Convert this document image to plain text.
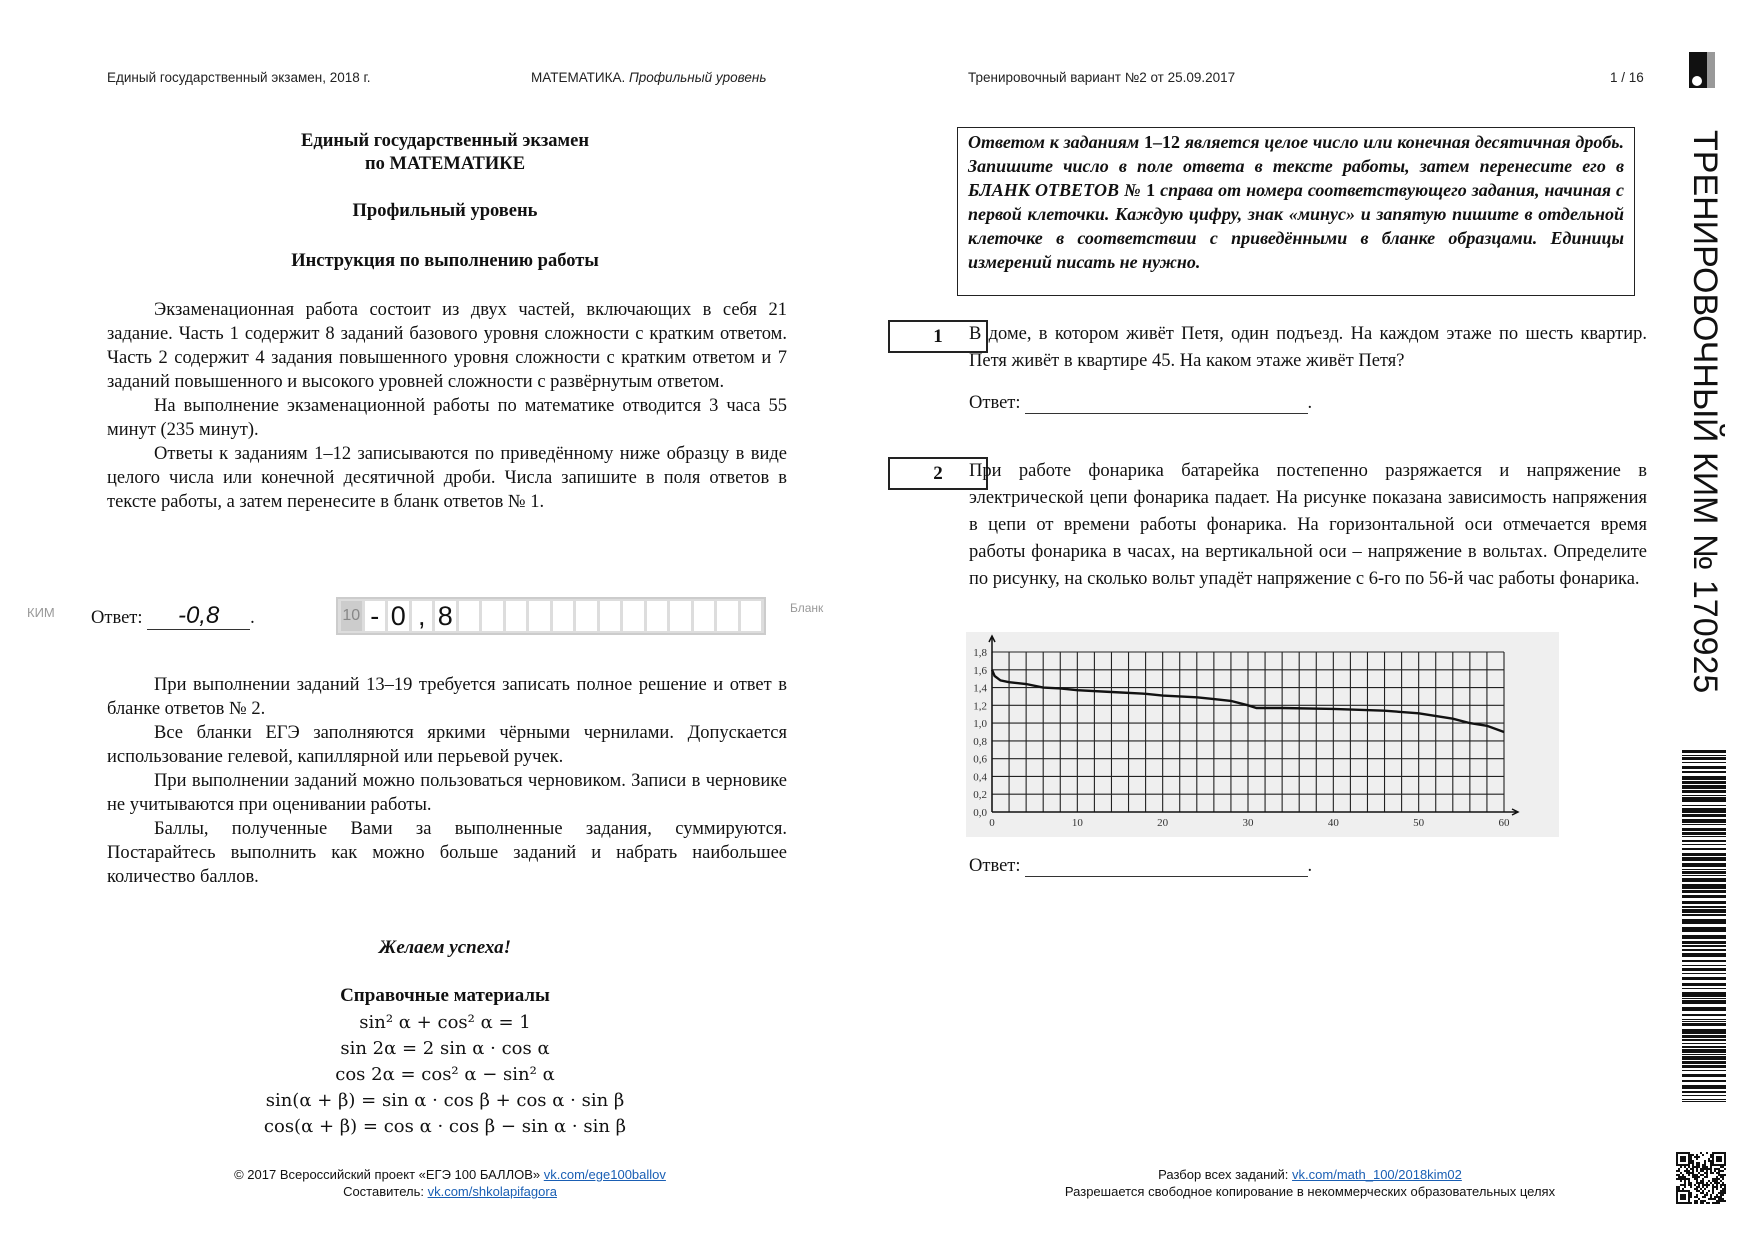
Единый государственный экзамен, 2018 г.	МАТЕМАТИКА. Профильный уровень	Тренировочный вариант №2 от 25.09.2017	1 / 16
Единый государственный экзамен
по МАТЕМАТИКЕ
Профильный уровень
Инструкция по выполнению работы

Экзаменационная работа состоит из двух частей, включающих в себя 21 задание. Часть 1 содержит 8 заданий базового уровня сложности с кратким ответом. Часть 2 содержит 4 задания повышенного уровня сложности с кратким ответом и 7 заданий повышенного и высокого уровней сложности с развёрнутым ответом.

На выполнение экзаменационной работы по математике отводится 3 часа 55 минут (235 минут).

Ответы к заданиям 1–12 записываются по приведённому ниже образцу в виде целого числа или конечной десятичной дроби. Числа запишите в поля ответов в тексте работы, а затем перенесите в бланк ответов № 1.

КИМ Ответ: -0,8 .	10 - 0 , 8	Бланк

При выполнении заданий 13–19 требуется записать полное решение и ответ в бланке ответов № 2.

Все бланки ЕГЭ заполняются яркими чёрными чернилами. Допускается использование гелевой, капиллярной или перьевой ручек.

При выполнении заданий можно пользоваться черновиком. Записи в черновике не учитываются при оценивании работы.

Баллы, полученные Вами за выполненные задания, суммируются. Постарайтесь выполнить как можно больше заданий и набрать наибольшее количество баллов.

Желаем успеха!
Справочные материалы
sin² α + cos² α = 1
sin 2α = 2 sin α · cos α
cos 2α = cos² α − sin² α
sin(α + β) = sin α · cos β + cos α · sin β
cos(α + β) = cos α · cos β − sin α · sin β
© 2017 Всероссийский проект «ЕГЭ 100 БАЛЛОВ» vk.com/ege100ballov
Составитель: vk.com/shkolapifagora
Разбор всех заданий: vk.com/math_100/2018kim02
Разрешается свободное копирование в некоммерческих образовательных целях
Ответом к заданиям 1–12 является целое число или конечная десятичная дробь. Запишите число в поле ответа в тексте работы, затем перенесите его в БЛАНК ОТВЕТОВ № 1 справа от номера соответствующего задания, начиная с первой клеточки. Каждую цифру, знак «минус» и запятую пишите в отдельной клеточке в соответствии с приведёнными в бланке образцами. Единицы измерений писать не нужно.
1	В доме, в котором живёт Петя, один подъезд. На каждом этаже по шесть квартир. Петя живёт в квартире 45. На каком этаже живёт Петя?
Ответ:	.
2	При работе фонарика батарейка постепенно разряжается и напряжение в электрической цепи фонарика падает. На рисунке показана зависимость напряжения в цепи от времени работы фонарика. На горизонтальной оси отмечается время работы фонарика в часах, на вертикальной оси – напряжение в вольтах. Определите по рисунку, на сколько вольт упадёт напряжение с 6-го по 56-й час работы фонарика.
0,0
0,2
0,4
0,6
0,8
1,0
1,2
1,4
1,6
1,8
0	10	20	30	40	50	60
Ответ:	.
ТРЕНИРОВОЧНЫЙ КИМ № 170925
